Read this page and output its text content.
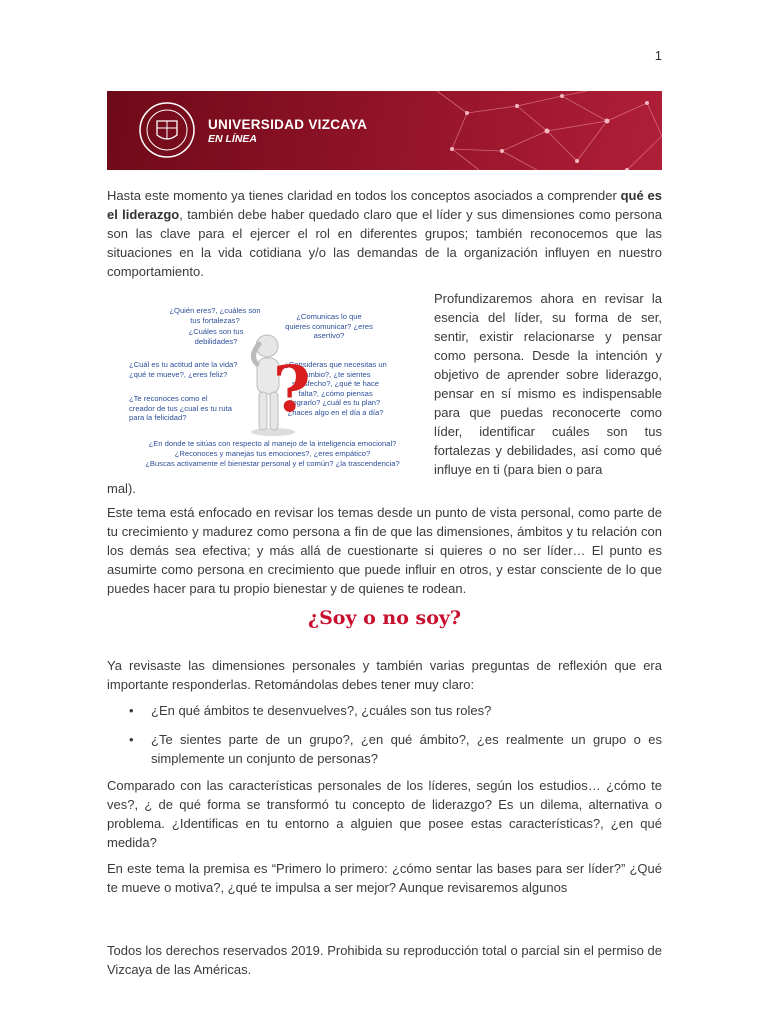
1
UNIVERSIDAD VIZCAYA
EN LÍNEA
Hasta este momento ya tienes claridad en todos los conceptos asociados a comprender qué es el liderazgo, también debe haber quedado claro que el líder y sus dimensiones como persona son las clave para el ejercer el rol en diferentes grupos; también reconocemos que las situaciones en la vida cotidiana y/o las demandas de la organización influyen en nuestro comportamiento.
¿Quién eres?, ¿cuáles son tus fortalezas?
¿Cuáles son tus debilidades?
¿Comunicas lo que quieres comunicar? ¿eres asertivo?
¿Cuál es tu actitud ante la vida? ¿qué te mueve?, ¿eres feliz?
¿Consideras que necesitas un cambio?, ¿te sientes satisfecho?, ¿qué te hace falta?, ¿cómo piensas lograrlo? ¿cuál es tu plan? ¿haces algo en el día a día?
¿Te reconoces como el creador de tus ¿cual es tu ruta para la felicidad?
¿En donde te sitúas con respecto al manejo de la inteligencia emocional?
¿Reconoces y manejas tus emociones?, ¿eres empático?
¿Buscas activamente el bienestar personal y el común? ¿la trascendencia?
?
Profundizaremos ahora en revisar la esencia del líder, su forma de ser, sentir, existir relacionarse y pensar como persona. Desde la intención y objetivo de aprender sobre liderazgo, pensar en sí mismo es indispensable para que puedas reconocerte como líder, identificar cuáles son tus fortalezas y debilidades, así como qué influye en ti (para bien o para
mal).
Este tema está enfocado en revisar los temas desde un punto de vista personal, como parte de tu crecimiento y madurez como persona a fin de que las dimensiones, ámbitos y tu relación con los demás sea efectiva; y más allá de cuestionarte si quieres o no ser líder… El punto es asumirte como persona en crecimiento que puede influir en otros, y estar consciente de lo que puedes hacer para tu propio bienestar y de quienes te rodean.
¿Soy o no soy?
Ya revisaste las dimensiones personales y también varias preguntas de reflexión que era importante responderlas. Retomándolas debes tener muy claro:
• ¿En qué ámbitos te desenvuelves?, ¿cuáles son tus roles?
• ¿Te sientes parte de un grupo?, ¿en qué ámbito?, ¿es realmente un grupo o es simplemente un conjunto de personas?
Comparado con las características personales de los líderes, según los estudios… ¿cómo te ves?, ¿ de qué forma se transformó tu concepto de liderazgo? Es un dilema, alternativa o problema. ¿Identificas en tu entorno a alguien que posee estas características?, ¿en qué medida?
En este tema la premisa es “Primero lo primero: ¿cómo sentar las bases para ser líder?” ¿Qué te mueve o motiva?, ¿qué te impulsa a ser mejor? Aunque revisaremos algunos
Todos los derechos reservados 2019. Prohibida su reproducción total o parcial sin el permiso de Vizcaya de las Américas.
